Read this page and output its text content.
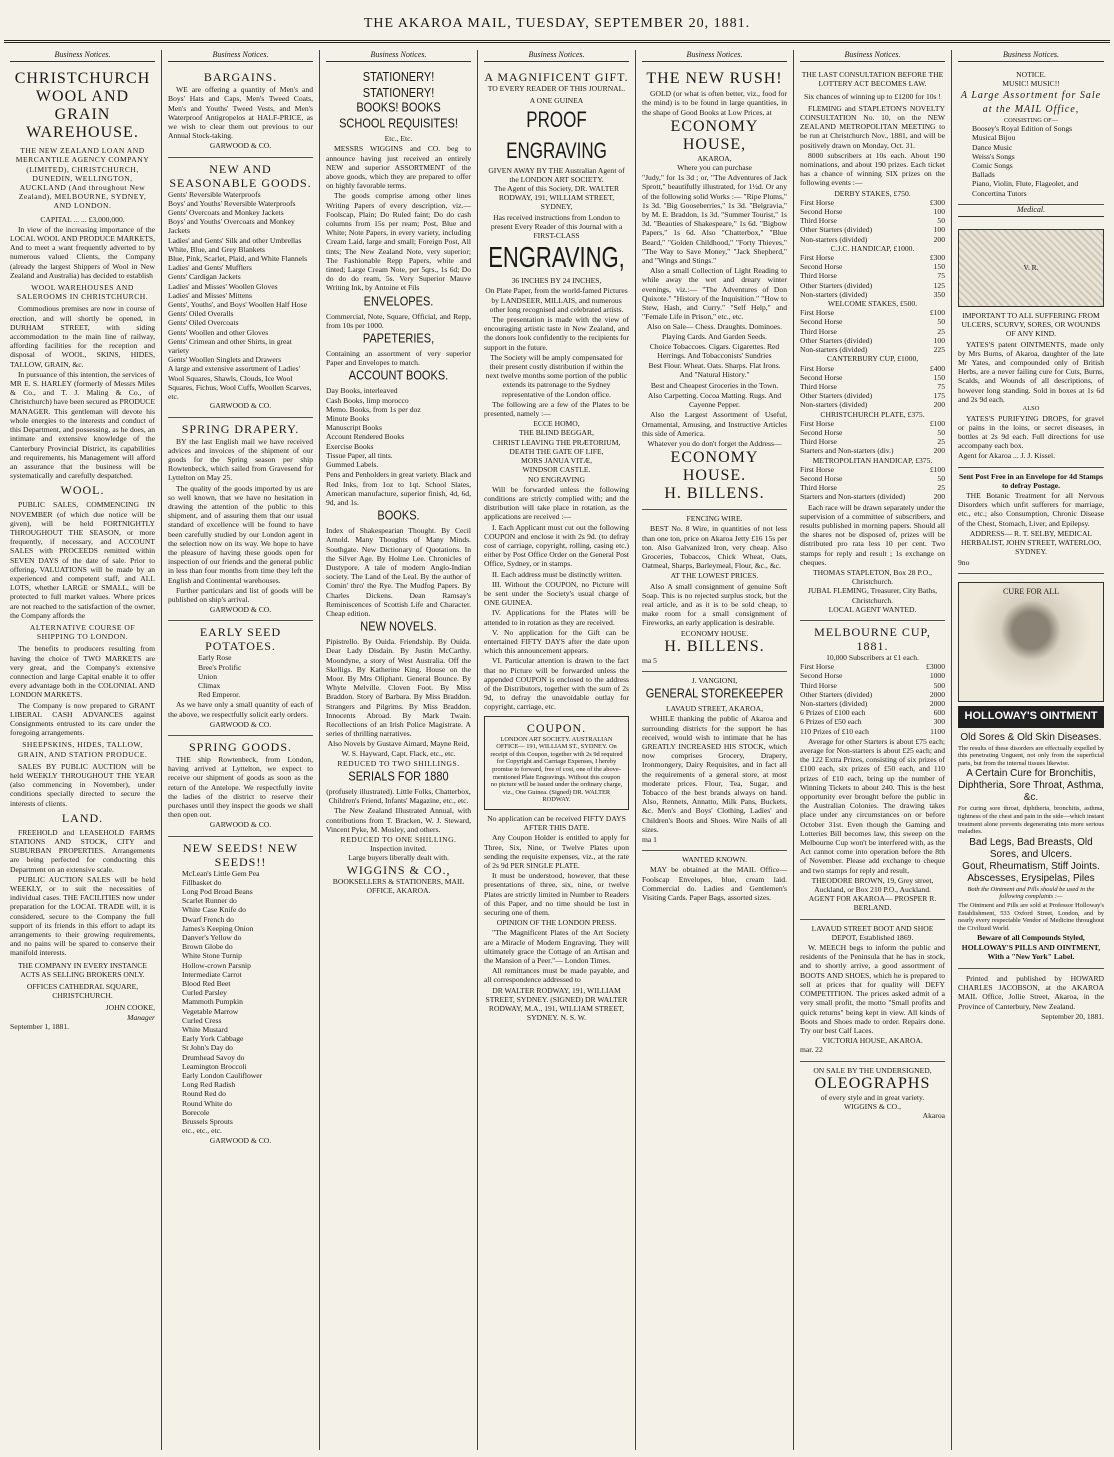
THE AKAROA MAIL, TUESDAY, SEPTEMBER 20, 1881.
Business Notices.
CHRISTCHURCH WOOL AND GRAIN WAREHOUSE.
THE NEW ZEALAND LOAN AND MERCANTILE AGENCY COMPANY (LIMITED), CHRISTCHURCH, DUNEDIN, WELLINGTON, AUCKLAND (And throughout New Zealand), MELBOURNE, SYDNEY, AND LONDON.
CAPITAL ... ... £3,000,000.

In view of the increasing importance of the LOCAL WOOL AND PRODUCE MARKETS, And to meet a want frequently adverted to by numerous valued Clients, the Company (already the largest Shippers of Wool in New Zealand and Australia) has decided to establish

WOOL WAREHOUSES AND SALEROOMS IN CHRISTCHURCH.

Commodious premises are now in course of erection, and will shortly be opened, in DURHAM STREET, with siding accommodation to the main line of railway, affording facilities for the reception and disposal of WOOL, SKINS, HIDES, TALLOW, GRAIN, &c.

In pursuance of this intention, the services of MR E. S. HARLEY (formerly of Messrs Miles & Co., and T. J. Maling & Co., of Christchurch) have been secured as PRODUCE MANAGER. This gentleman will devote his whole energies to the interests and conduct of this Department, and possessing, as he does, an intimate and extensive knowledge of the Canterbury Provincial District, its capabilities and requirements, his Management will afford an assurance that the business will be systematically and carefully despatched.

WOOL.

PUBLIC SALES, COMMENCING IN NOVEMBER (of which due notice will be given), will be held FORTNIGHTLY THROUGHOUT THE SEASON, or more frequently, if necessary, and ACCOUNT SALES with PROCEEDS remitted within SEVEN DAYS of the date of sale. Prior to offering, VALUATIONS will be made by an experienced and competent staff, and ALL LOTS, whether LARGE or SMALL, will be protected to full market values. Where prices are not reached to the satisfaction of the owner, the Company affords the

ALTERNATIVE COURSE OF SHIPPING TO LONDON.

The benefits to producers resulting from having the choice of TWO MARKETS are very great, and the Company's extensive connection and large Capital enable it to offer every advantage both in the COLONIAL AND LONDON MARKETS.

The Company is now prepared to GRANT LIBERAL CASH ADVANCES against Consignments entrusted to its care under the foregoing arrangements.

SHEEPSKINS, HIDES, TALLOW, GRAIN, AND STATION PRODUCE.

SALES BY PUBLIC AUCTION will be held WEEKLY THROUGHOUT THE YEAR (also commencing in November), under conditions specially directed to secure the interests of clients.

LAND.

FREEHOLD and LEASEHOLD FARMS STATIONS AND STOCK, CITY and SUBURBAN PROPERTIES. Arrangements are being perfected for conducting this Department on an extensive scale.

PUBLIC AUCTION SALES will be held WEEKLY, or to suit the necessities of individual cases. THE FACILITIES now under preparation for the LOCAL TRADE will, it is considered, secure to the Company the full support of its friends in this effort to adapt its arrangements to their growing requirements, and no pains will be spared to conserve their manifold interests.

THE COMPANY IN EVERY INSTANCE ACTS AS SELLING BROKERS ONLY.
OFFICES CATHEDRAL SQUARE, CHRISTCHURCH.
JOHN COOKE,
Manager
September 1, 1881.
Business Notices.
BARGAINS.

WE are offering a quantity of Men's and Boys' Hats and Caps, Men's Tweed Coats, Men's and Youths' Tweed Vests, and Men's Waterproof Antigropelos at HALF-PRICE, as we wish to clear them out previous to our Annual Stock-taking.

GARWOOD & CO.
NEW AND SEASONABLE GOODS.
Gents' Reversible Waterproofs
Boys' and Youths' Reversible Waterproofs
Gents' Overcoats and Monkey Jackets
Boys' and Youths' Overcoats and Monkey Jackets
Ladies' and Gents' Silk and other Umbrellas
White, Blue, and Grey Blankets
Blue, Pink, Scarlet, Plaid, and White Flannels
Ladies' and Gents' Mufflers
Gents' Cardigan Jackets
Ladies' and Misses' Woollen Gloves
Ladies' and Misses' Mittens
Gents', Youths', and Boys' Woollen Half Hose
Gents' Oiled Overalls
Gents' Oiled Overcoats
Gents' Woollen and other Gloves
Gents' Crimean and other Shirts, in great variety
Gents' Woollen Singlets and Drawers
A large and extensive assortment of Ladies' Wool Squares, Shawls, Clouds, Ice Wool Squares, Fichus, Wool Cuffs, Woollen Scarves, etc.
GARWOOD & CO.
SPRING DRAPERY.

BY the last English mail we have received advices and invoices of the shipment of our goods for the Spring season per ship Rowtenbeck, which sailed from Gravesend for Lyttelton on May 25.

The quality of the goods imported by us are so well known, that we have no hesitation in drawing the attention of the public to this shipment, and of assuring them that our usual standard of excellence will be found to have been carefully studied by our London agent in the selection now on its way. We hope to have the pleasure of having these goods open for inspection of our friends and the general public in less than four months from time they left the English and Continental warehouses.

Further particulars and list of goods will be published on ship's arrival.

GARWOOD & CO.
EARLY SEED POTATOES.
Early Rose
Bree's Prolific
Union
Climax
Red Emperor.

As we have only a small quantity of each of the above, we respectfully solicit early orders.

GARWOOD & CO.
SPRING GOODS.

THE ship Rowtenbeck, from London, having arrived at Lyttelton, we expect to receive our shipment of goods as soon as the return of the Antelope. We respectfully invite the ladies of the district to reserve their purchases until they inspect the goods we shall then open out.

GARWOOD & CO.
NEW SEEDS! NEW SEEDS!!
McLean's Little Gem Pea
Fillbasket do
Long Pod Broad Beans
Scarlet Runner do
White Case Knife do
Dwarf French do
James's Keeping Onion
Danver's Yellow do
Brown Globe do
White Stone Turnip
Hollow-crown Parsnip
Intermediate Carrot
Blood Red Beet
Curled Parsley
Mammoth Pumpkin
Vegetable Marrow
Curled Cress
White Mustard
Early York Cabbage
St John's Day do
Drumhead Savoy do
Leamington Broccoli
Early London Cauliflower
Long Red Radish
Round Red do
Round White do
Borecole
Brussels Sprouts
etc., etc., etc.
GARWOOD & CO.
Business Notices.
STATIONERY! STATIONERY!
BOOKS! BOOKS
SCHOOL REQUISITES!
Etc., Etc.

MESSRS WIGGINS and CO. beg to announce having just received an entirely NEW and superior ASSORTMENT of the above goods, which they are prepared to offer on highly favorable terms.

The goods comprise among other lines Writing Papers of every description, viz.— Foolscap, Plain; Do Ruled faint; Do do cash columns from 15s per ream; Post, Blue and White; Note Papers, in every variety, including Cream Laid, large and small; Foreign Post, All tints; The New Zealand Note, very superior; The Fashionable Repp Papers, white and tinted; Large Cream Note, per 5qrs., 1s 6d; Do do do do ream, 5s. Very Superior Mauve Writing Ink, by Antoine et Fils

ENVELOPES.

Commercial, Note, Square, Official, and Repp, from 10s per 1000.

PAPETERIES,

Containing an assortment of very superior Paper and Envelopes to match.

ACCOUNT BOOKS.
Day Books, interleaved
Cash Books, limp morocco
Memo. Books, from 1s per doz
Minute Books
Manuscript Books
Account Rendered Books
Exercise Books
Tissue Paper, all tints.
Gummed Labels.

Pens and Penholders in great variety. Black and Red Inks, from 1oz to 1qt. School Slates, American manufacture, superior finish, 4d, 6d, 9d, and 1s.

BOOKS.

Index of Shakespearian Thought. By Cecil Arnold. Many Thoughts of Many Minds. Southgate. New Dictionary of Quotations. In the Silver Age. By Holme Lee. Chronicles of Dustypore. A tale of modern Anglo-Indian society. The Land of the Leal. By the author of Comin' thro' the Rye. The Mudfog Papers. By Charles Dickens. Dean Ramsay's Reminiscences of Scottish Life and Character. Cheap edition.

NEW NOVELS.

Pipistrello. By Ouida. Friendship. By Ouida. Dear Lady Disdain. By Justin McCarthy. Moondyne, a story of West Australia. Off the Skelligs. By Katherine King. House on the Moor. By Mrs Oliphant. General Bounce. By Whyte Melville. Cloven Foot. By Miss Braddon. Story of Barbara. By Miss Braddon. Strangers and Pilgrims. By Miss Braddon. Innocents Abroad. By Mark Twain. Recollections of an Irish Police Magistrate. A series of thrilling narratives.

Also Novels by Gustave Aimard, Mayne Reid, W. S. Hayward, Capt. Flack, etc., etc.

REDUCED TO TWO SHILLINGS.
SERIALS FOR 1880

(profusely illustrated). Little Folks, Chatterbox, Children's Friend, Infants' Magazine, etc., etc.

The New Zealand Illustrated Annual, with contributions from T. Bracken, W. J. Steward, Vincent Pyke, M. Mosley, and others.

REDUCED TO ONE SHILLING.
Inspection invited.
Large buyers liberally dealt with.
WIGGINS & CO.,
BOOKSELLERS & STATIONERS, MAIL OFFICE, AKAROA.
Business Notices.
A MAGNIFICENT GIFT.
TO EVERY READER OF THIS JOURNAL.
A ONE GUINEA
PROOF ENGRAVING
GIVEN AWAY BY THE Australian Agent of the LONDON ART SOCIETY.
The Agent of this Society, DR. WALTER RODWAY, 191, WILLIAM STREET, SYDNEY,

Has received instructions from London to present Every Reader of this Journal with a FIRST-CLASS

ENGRAVING,
36 INCHES BY 24 INCHES,

On Plate Paper, from the world-famed Pictures by LANDSEER, MILLAIS, and numerous other long recognised and celebrated artists.

The presentation is made with the view of encouraging artistic taste in New Zealand, and the donors look confidently to the recipients for support in the future.

The Society will be amply compensated for their present costly distribution if within the next twelve months some portion of the public extends its patronage to the Sydney representative of the London office.

The following are a few of the Plates to be presented, namely :—

ECCE HOMO,
THE BLIND BEGGAR,
CHRIST LEAVING THE PRÆTORIUM,
DEATH THE GATE OF LIFE,
MORS JANUA VITÆ,
WINDSOR CASTLE.
NO ENGRAVING

Will be forwarded unless the following conditions are strictly complied with; and the distribution will take place in rotation, as the applications are received :—

I. Each Applicant must cut out the following COUPON and enclose it with 2s 9d. (to defray cost of carriage, copyright, rolling, casing etc.) either by Post Office Order on the General Post Office, Sydney, or in stamps.

II. Each address must be distinctly written.

III. Without the COUPON, no Picture will be sent under the Society's usual charge of ONE GUINEA.

IV. Applications for the Plates will be attended to in rotation as they are received.

V. No application for the Gift can be entertained FIFTY DAYS after the date upon which this announcement appears.

VI. Particular attention is drawn to the fact that no Picture will be forwarded unless the appended COUPON is enclosed to the address of the Distributors, together with the sum of 2s 9d, to defray the unavoidable outlay for copyright, carriage, etc.

COUPON.

LONDON ART SOCIETY. AUSTRALIAN OFFICE— 191, WILLIAM ST., SYDNEY. On receipt of this Coupon, together with 2s 9d required for Copyright and Carriage Expenses, I hereby promise to forward, free of cost, one of the above-mentioned Plate Engravings. Without this coupon no picture will be issued under the ordinary charge, viz., One Guinea. (Signed) DR. WALTER RODWAY.

No application can be received FIFTY DAYS AFTER THIS DATE.

Any Coupon Holder is entitled to apply for Three, Six, Nine, or Twelve Plates upon sending the requisite expenses, viz., at the rate of 2s 9d PER SINGLE PLATE.

It must be understood, however, that these presentations of three, six, nine, or twelve Plates are strictly limited in Number to Readers of this Paper, and no time should be lost in securing one of them.

OPINION OF THE LONDON PRESS.

"The Magnificent Plates of the Art Society are a Miracle of Modern Engraving. They will ultimately grace the Cottage of an Artisan and the Mansion of a Peer."— London Times.

All remittances must be made payable, and all correspondence addressed to

DR WALTER RODWAY, 191, WILLIAM STREET, SYDNEY. (SIGNED) DR WALTER RODWAY, M.A., 191, WILLIAM STREET, SYDNEY. N. S. W.

Business Notices.
THE NEW RUSH!

GOLD (or what is often better, viz., food for the mind) is to be found in large quantities, in the shape of Good Books at Low Prices, at

ECONOMY HOUSE,
AKAROA,
Where you can purchase

"Judy," for 1s 3d ; or, "The Adventures of Jack Sprott," beautifully illustrated, for 1½d. Or any of the following solid Works :— "Ripe Plums," 1s 3d. "Big Gooseberries," 1s 3d. "Belgravia," by M. E. Braddon, 1s 3d. "Summer Tourist," 1s 3d. "Beauties of Shakespeare," 1s 6d. "Bigbow Papers," 1s 6d. Also "Chatterbox," "Blue Beard," "Golden Childhood," "Forty Thieves," "The Way to Save Money," "Jack Shepherd," and "Wings and Stings."

Also a small Collection of Light Reading to while away the wet and dreary winter evenings, viz.:— "The Adventures of Don Quixote." "History of the Inquisition." "How to Stew, Hash, and Curry." "Self Help," and "Female Life in Prison," etc., etc.

Also on Sale— Chess. Draughts. Dominoes. Playing Cards. And Garden Seeds.

Choice Tobaccoes. Cigars. Cigarettes. Red Herrings. And Tobacconists' Sundries

Best Flour. Wheat. Oats. Sharps. Flat Irons. And "Natural History."

Best and Cheapest Groceries in the Town.

Also Carpetting. Cocoa Matting. Rugs. And Cayenne Pepper.

Also the Largest Assortment of Useful, Ornamental, Amusing, and Instructive Articles this side of America.

Whatever you do don't forget the Address—

ECONOMY HOUSE.
H. BILLENS.
FENCING WIRE.

BEST No. 8 Wire, in quantities of not less than one ton, price on Akaroa Jetty £16 15s per ton. Also Galvanized Iron, very cheap. Also Groceries, Tobaccos, Chick Wheat, Oats, Oatmeal, Sharps, Barleymeal, Flour, &c., &c.

AT THE LOWEST PRICES.

Also A small consignment of genuine Soft Soap. This is no rejected surplus stock, but the real article, and as it is to be sold cheap, to make room for a small consignment of Fireworks, an early application is desirable.

ECONOMY HOUSE.
H. BILLENS.
ma 5
J. VANGIONI,
GENERAL STOREKEEPER
LAVAUD STREET, AKAROA,

WHILE thanking the public of Akaroa and surrounding districts for the support he has received, would wish to intimate that he has GREATLY INCREASED HIS STOCK, which now comprises Grocery, Drapery, Ironmongery, Dairy Requisites, and in fact all the requirements of a general store, at most moderate prices. Flour, Tea, Sugar, and Tobacco of the best brands always on hand. Also, Rennets, Annatto, Milk Pans, Buckets, &c. Men's and Boys' Clothing, Ladies' and Children's Boots and Shoes. Wire Nails of all sizes.

ma 1
WANTED KNOWN.

MAY be obtained at the MAIL Office— Foolscap Envelopes, blue, cream laid. Commercial do. Ladies and Gentlemen's Visiting Cards. Paper Bags, assorted sizes.

Business Notices.
THE LAST CONSULTATION BEFORE THE LOTTERY ACT BECOMES LAW.
Six chances of winning up to £1200 for 10s !

FLEMING and STAPLETON'S NOVELTY CONSULTATION No. 10, on the NEW ZEALAND METROPOLITAN MEETING to be run at Christchurch Nov., 1881, and will be positively drawn on Monday, Oct. 31.

8000 subscribers at 10s each. About 190 nominations, and about 190 prizes. Each ticket has a chance of winning SIX prizes on the following events :—

DERBY STAKES, £750.
First Horse	£300
Second Horse	100
Third Horse	50
Other Starters (divided)	100
Non-starters (divided)	200
C.J.C. HANDICAP, £1000.
First Horse	£300
Second Horse	150
Third Horse	75
Other Starters (divided)	125
Non-starters (divided)	350
WELCOME STAKES, £500.
First Horse	£100
Second Horse	50
Third Horse	25
Other Starters (divided)	100
Non-starters (divided)	225
CANTERBURY CUP, £1000,
First Horse	£400
Second Horse	150
Third Horse	75
Other Starters (divided)	175
Non-starters (divided)	200
CHRISTCHURCH PLATE, £375.
First Horse	£100
Second Horse	50
Third Horse	25
Starters and Non-starters (div.)	200
METROPOLITAN HANDICAP, £375.
First Horse	£100
Second Horse	50
Third Horse	25
Starters and Non-starters (divided)	200

Each race will be drawn separately under the supervision of a committee of subscribers, and results published in morning papers. Should all the shares not be disposed of, prizes will be distributed pro rata less 10 per cent. Two stamps for reply and result ; 1s exchange on cheques.

THOMAS STAPLETON, Box 28 P.O., Christchurch.
JUBAL FLEMING, Treasurer, City Baths, Christchurch.
LOCAL AGENT WANTED.
MELBOURNE CUP, 1881.
10,000 Subscribers at £1 each.
First Horse	£3000
Second Horse	1000
Third Horse	500
Other Starters (divided)	2000
Non-starters (divided)	2000
6 Prizes of £100 each	600
6 Prizes of £50 each	300
110 Prizes of £10 each	1100

Average for other Starters is about £75 each; average for Non-starters is about £25 each; and the 122 Extra Prizes, consisting of six prizes of £100 each, six prizes of £50 each, and 110 prizes of £10 each, bring up the number of Winning Tickets to about 240. This is the best opportunity ever brought before the public in the Australian Colonies. The drawing takes place under any circumstances on or before October 31st. Even though the Gaming and Lotteries Bill becomes law, this sweep on the Melbourne Cup won't be interfered with, as the Act cannot come into operation before the 8th of November. Please add exchange to cheque and two stamps for reply and result,

THEODORE BROWN, 19, Grey street, Auckland, or Box 210 P.O., Auckland.
AGENT FOR AKAROA— PROSPER R. BERLAND.
LAVAUD STREET BOOT AND SHOE DEPOT, Established 1869.

W. MEECH begs to inform the public and residents of the Peninsula that he has in stock, and to shortly arrive, a good assortment of BOOTS AND SHOES, which he is prepared to sell at prices that for quality will DEFY COMPETITION. The prices asked admit of a very small profit, the motto "Small profits and quick returns" being kept in view. All kinds of Boots and Shoes made to order. Repairs done. Try our best Calf Laces.

VICTORIA HOUSE, AKAROA.
mar. 22
ON SALE BY THE UNDERSIGNED,
OLEOGRAPHS
of every style and in great variety.
WIGGINS & CO.,
Akaroa
Business Notices.
NOTICE.
MUSIC! MUSIC!!
A Large Assortment for Sale at the MAIL Office,
CONSISTING OF—
Boosey's Royal Edition of Songs
Musical Bijou
Dance Music
Weiss's Songs
Comic Songs
Ballads
Piano, Violin, Flute, Flageolet, and Concertina Tutors
Medical.
V. R.
IMPORTANT TO ALL SUFFERING FROM ULCERS, SCURVY, SORES, OR WOUNDS OF ANY KIND.

YATES'S patent OINTMENTS, made only by Mrs Burns, of Akaroa, daughter of the late Mr Yates, and compounded only of British Herbs, are a never failing cure for Cuts, Burns, Scalds, and Wounds of all descriptions, of however long standing. Sold in boxes at 1s 6d and 2s 9d each.

ALSO

YATES'S PURIFYING DROPS, for gravel or pains in the loins, or secret diseases, in bottles at 2s 9d each. Full directions for use accompany each box.

Agent for Akaroa ... J. J. Kissel.
Sent Post Free in an Envelope for 4d Stamps to defray Postage.

THE Botanic Treatment for all Nervous Disorders which unfit sufferers for marriage, etc., etc.; also Consumption, Chronic Disease of the Chest, Stomach, Liver, and Epilepsy.

ADDRESS— R. T. SELBY, MEDICAL HERBALIST, JOHN STREET, WATERLOO, SYDNEY.

9no
CURE FOR ALL
HOLLOWAY'S OINTMENT
Old Sores & Old Skin Diseases.

The results of these disorders are effectually expelled by this penetrating Unguent, not only from the superficial parts, but from the internal tissues likewise.

A Certain Cure for Bronchitis, Diphtheria, Sore Throat, Asthma, &c.

For curing sore throat, diphtheria, bronchitis, asthma, tightness of the chest and pain in the side—which instant treatment alone prevents degenerating into more serious maladies.

Bad Legs, Bad Breasts, Old Sores, and Ulcers.
Gout, Rheumatism, Stiff Joints.
Abscesses, Erysipelas, Piles

Both the Ointment and Pills should be used in the following complaints :—

The Ointment and Pills are sold at Professor Holloway's Establishment, 533 Oxford Street, London, and by nearly every respectable Vendor of Medicine throughout the Civilized World.

Beware of all Compounds Styled, HOLLOWAY'S PILLS AND OINTMENT, With a "New York" Label.

Printed and published by HOWARD CHARLES JACOBSON, at the AKAROA MAIL Office, Jollie Street, Akaroa, in the Province of Canterbury, New Zealand.

September 20, 1881.
